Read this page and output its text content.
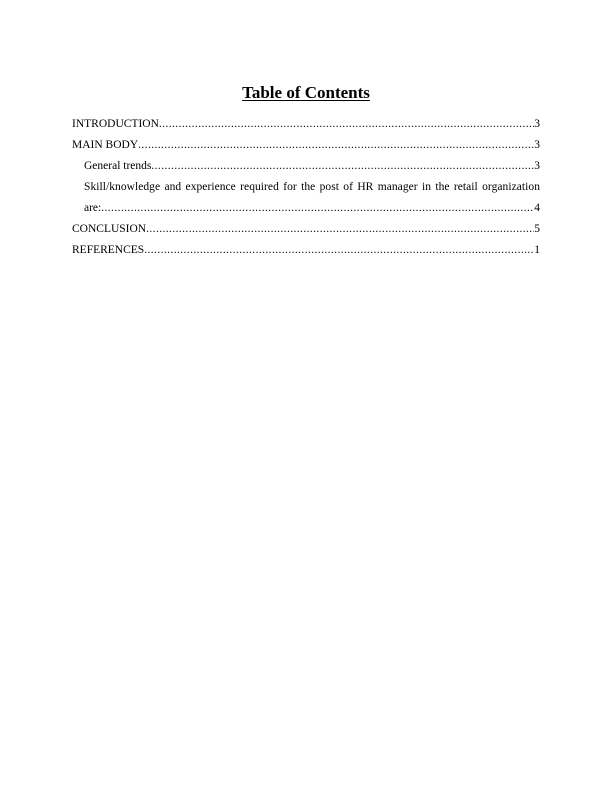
Table of Contents
INTRODUCTION .....	3
MAIN BODY .....	3
General trends .....	3
Skill/knowledge and experience required for the post of HR manager in the retail organization
are: .....	4
CONCLUSION .....	5
REFERENCES .....	1
